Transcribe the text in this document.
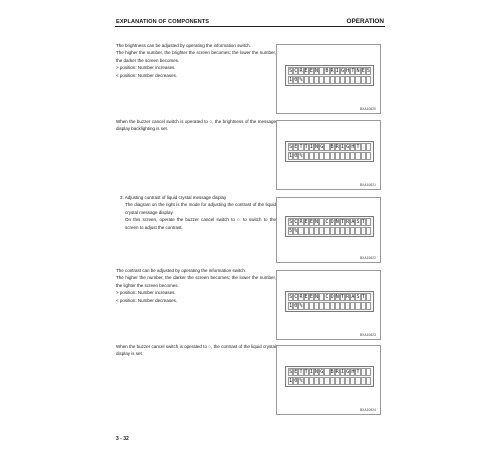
EXPLANATION OF COMPONENTS	OPERATION

The brightness can be adjusted by operating the information switch.

The higher the number, the brighter the screen becomes; the lower the number, the darker the screen becomes.

> position: Number increases.

< position: Number decreases.

S C R E E N B R I G H T N E S
1 0 %
BXA10620

When the buzzer cancel switch is operated to ○, the brightness of the message display backlighting is set.

S E T T I N G B R I G H T
1 0 %
BXA10621

3. Adjusting contrast of liquid crystal message display

The diagram on the right is the mode for adjusting the contrast of the liquid crystal message display.

On this screen, operate the buzzer cancel switch to ○ to switch to the screen to adjust the contrast.

S C R E E N C O N T R A S T
5 %
BXA10622

The contrast can be adjusted by operating the information switch.

The higher the number, the darker the screen becomes; the lower the number, the lighter the screen becomes.

> position: Number increases.

< position: Number decreases.

S C R E E N C O N T R A S T
1 0 %
BXA10623

When the buzzer cancel switch is operated to ○, the contrast of the liquid crystal display is set.

S E T T I N G B R I G H T
1 0 %
BXA10624
3 - 32
